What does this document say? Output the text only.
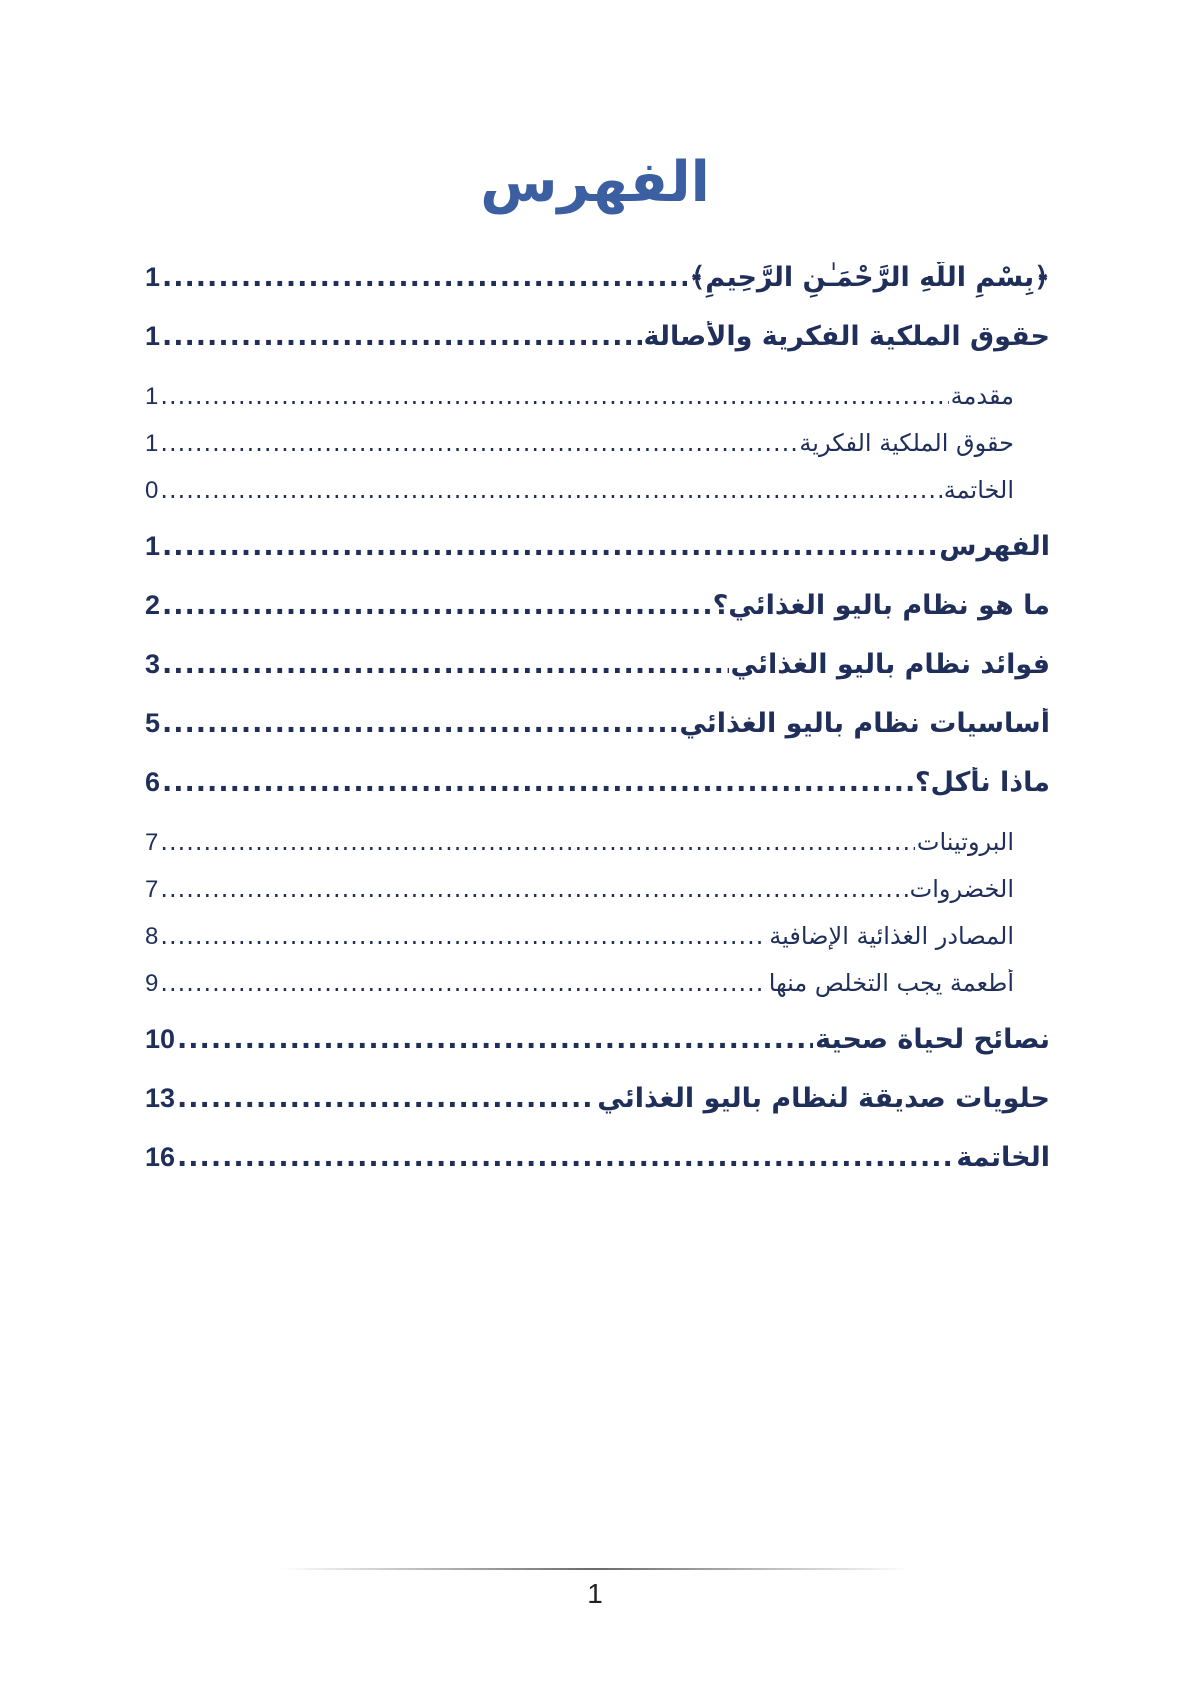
الفهرس
﴿بِسْمِ اللَّهِ الرَّحْمَـٰنِ الرَّحِيمِ﴾
.....
1
حقوق الملكية الفكرية والأصالة
.....
1
مقدمة
.....
1
حقوق الملكية الفكرية
.....
1
الخاتمة
.....
0
الفهرس
.....
1
ما هو نظام باليو الغذائي؟
.....
2
فوائد نظام باليو الغذائي
.....
3
أساسيات نظام باليو الغذائي
.....
5
ماذا نأكل؟
.....
6
البروتينات
.....
7
الخضروات
.....
7
المصادر الغذائية الإضافية
.....
8
أطعمة يجب التخلص منها
.....
9
نصائح لحياة صحية
.....
10
حلويات صديقة لنظام باليو الغذائي
.....
13
الخاتمة
.....
16
1
